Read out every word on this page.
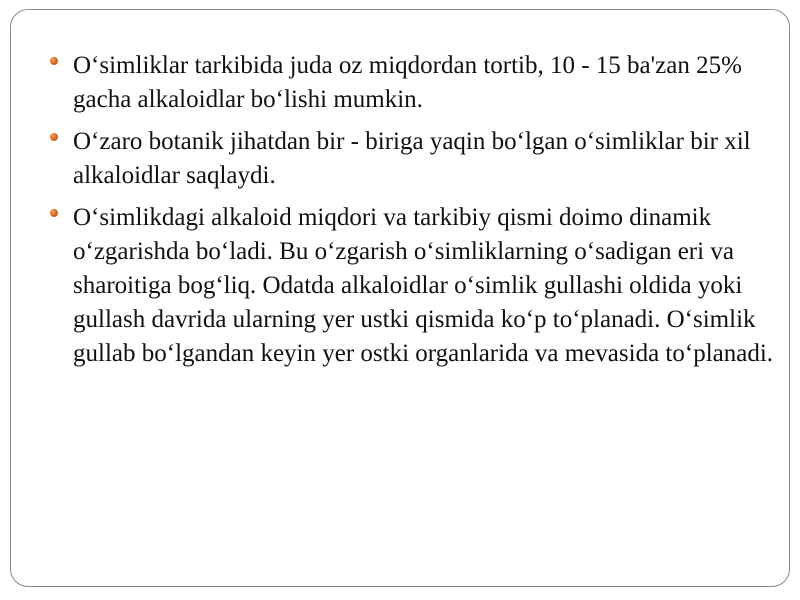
O‘simliklar tarkibida juda oz miqdordan tortib, 10 - 15 ba'zan 25% gacha alkaloidlar bo‘lishi mumkin.
O‘zaro botanik jihatdan bir - biriga yaqin bo‘lgan o‘simliklar bir xil alkaloidlar saqlaydi.
O‘simlikdagi alkaloid miqdori va tarkibiy qismi doimo dinamik o‘zgarishda bo‘ladi. Bu o‘zgarish o‘simliklarning o‘sadigan eri va sharoitiga bog‘liq. Odatda alkaloidlar o‘simlik gullashi oldida yoki gullash davrida ularning yer ustki qismida ko‘p to‘planadi. O‘simlik gullab bo‘lgandan keyin yer ostki organlarida va mevasida to‘planadi.
